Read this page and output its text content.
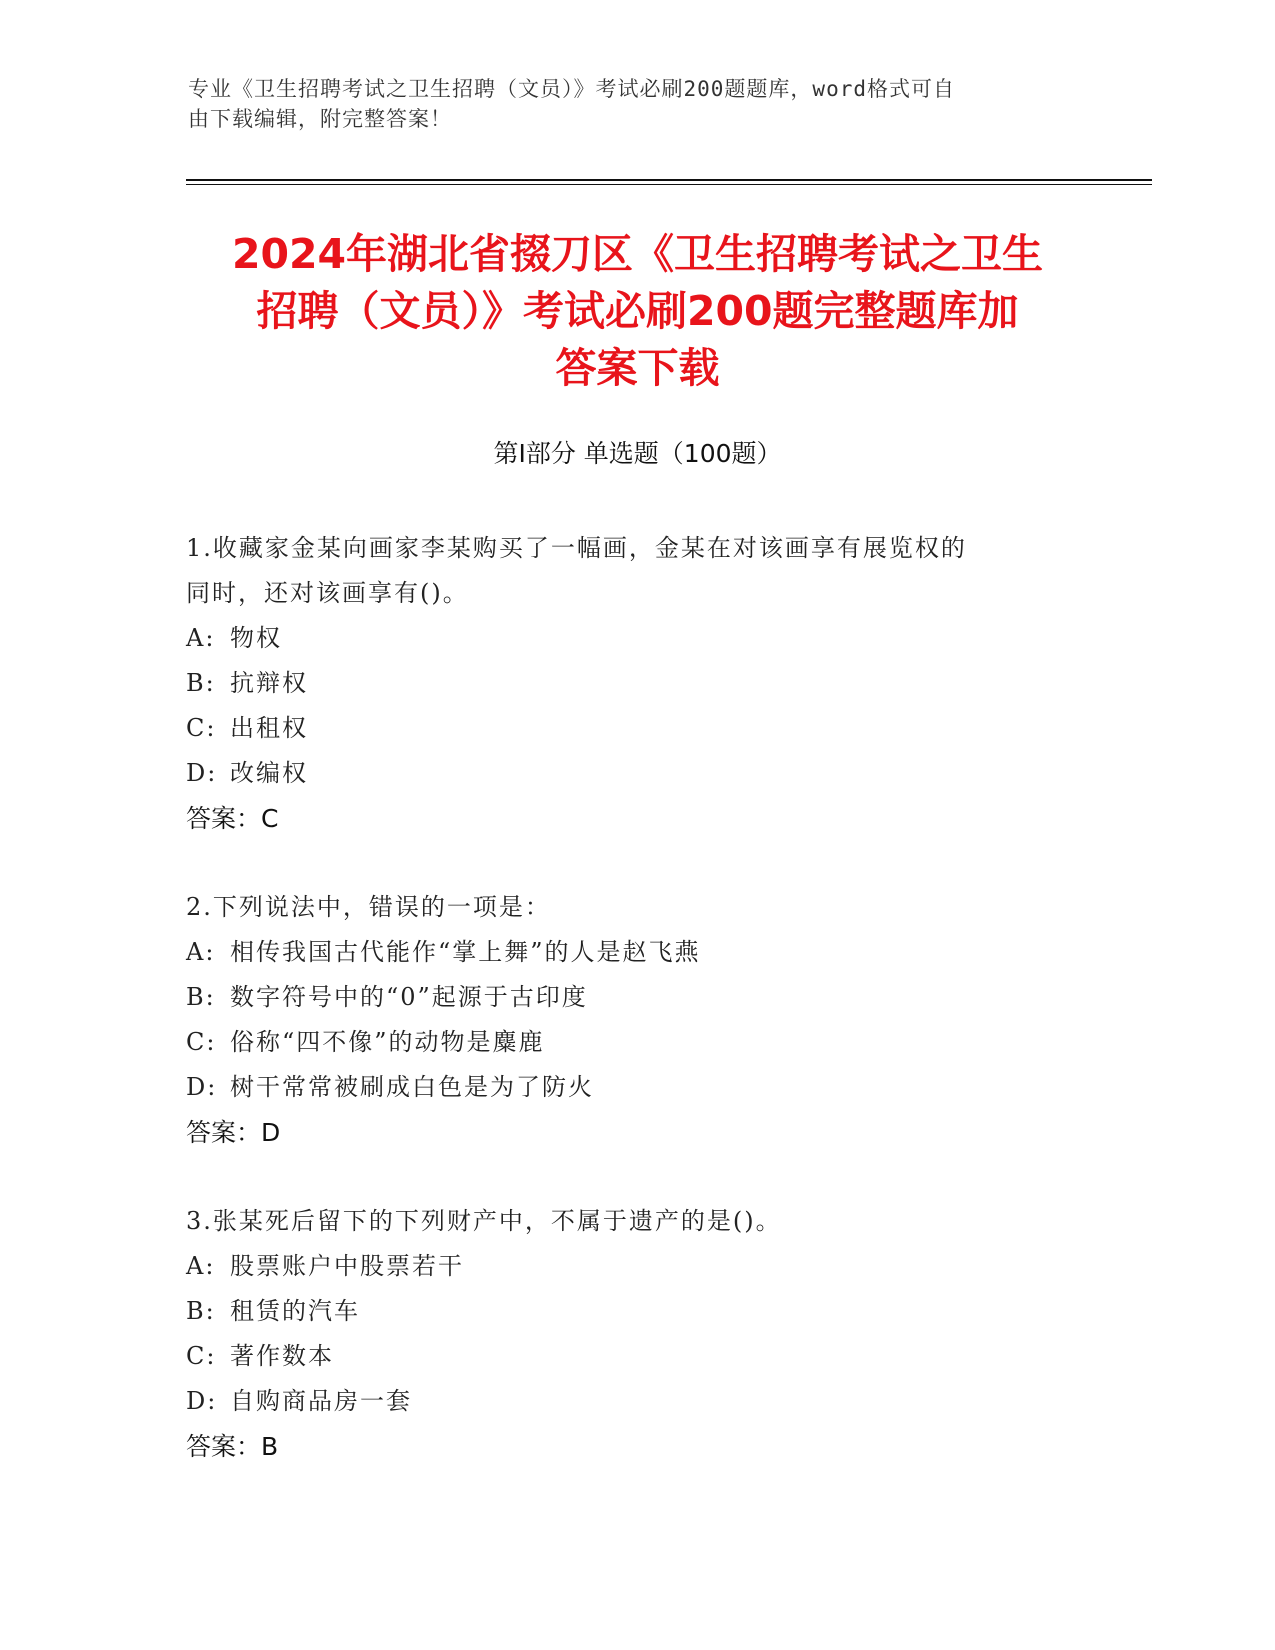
专业《卫生招聘考试之卫生招聘（文员）》考试必刷200题题库，word格式可自
由下载编辑，附完整答案！
2024年湖北省掇刀区《卫生招聘考试之卫生
招聘（文员）》考试必刷200题完整题库加
答案下载
第Ⅰ部分 单选题（100题）

1.收藏家金某向画家李某购买了一幅画，金某在对该画享有展览权的

同时，还对该画享有()。

A: 物权

B: 抗辩权

C: 出租权

D: 改编权

答案：C

2.下列说法中，错误的一项是：

A: 相传我国古代能作“掌上舞”的人是赵飞燕

B: 数字符号中的“0”起源于古印度

C: 俗称“四不像”的动物是麋鹿

D: 树干常常被刷成白色是为了防火

答案：D

3.张某死后留下的下列财产中，不属于遗产的是()。

A: 股票账户中股票若干

B: 租赁的汽车

C: 著作数本

D: 自购商品房一套

答案：B
